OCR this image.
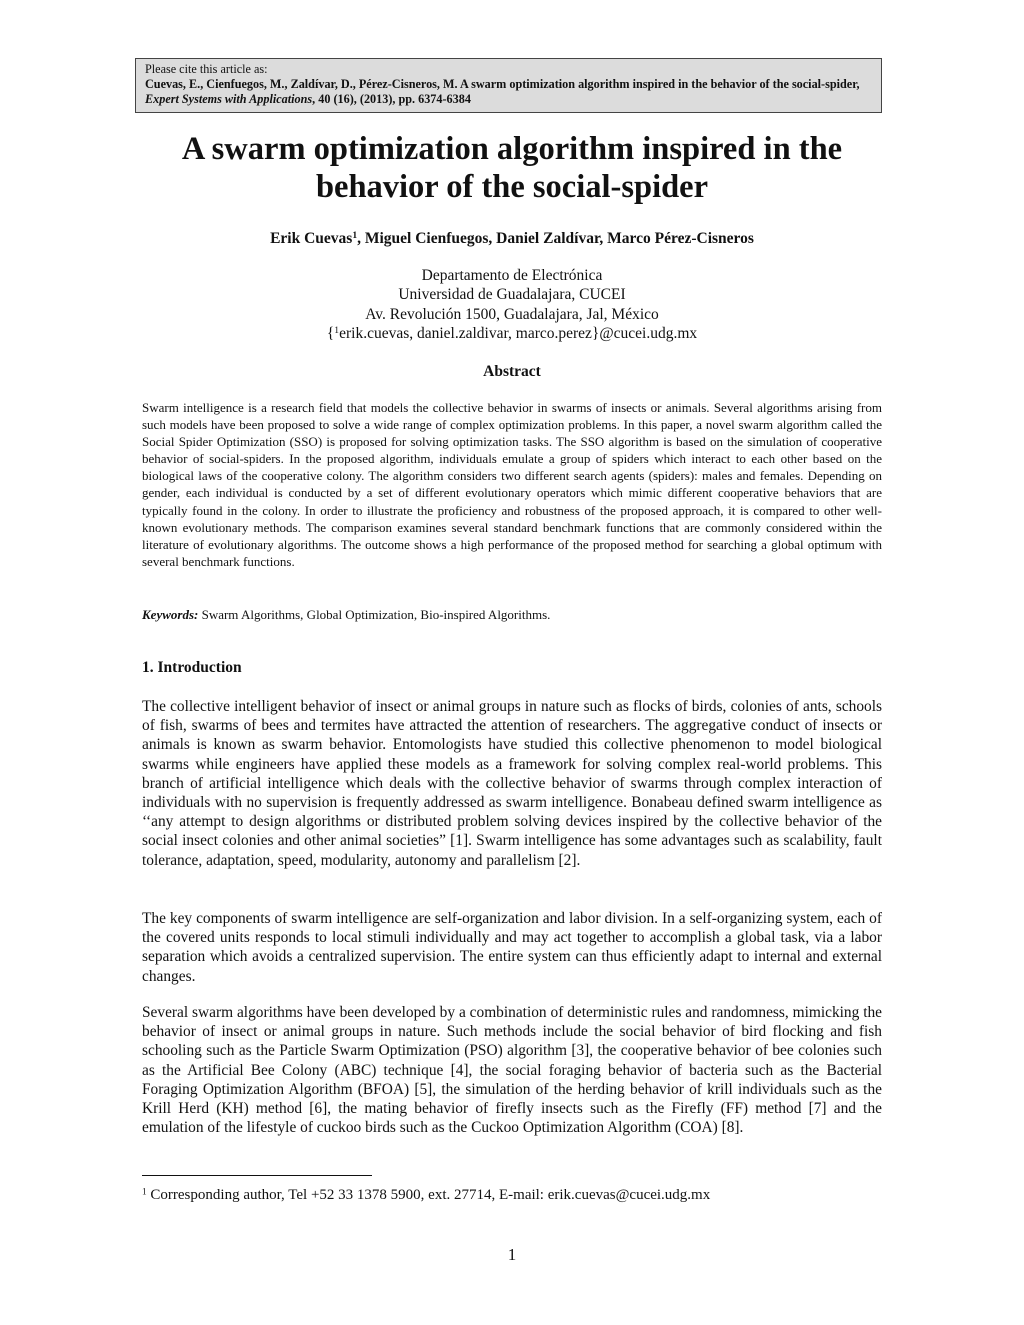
Please cite this article as:
Cuevas, E., Cienfuegos, M., Zaldívar, D., Pérez-Cisneros, M. A swarm optimization algorithm inspired in the behavior of the social-spider, Expert Systems with Applications, 40 (16), (2013), pp. 6374-6384
A swarm optimization algorithm inspired in the
behavior of the social-spider
Erik Cuevas$^1$, Miguel Cienfuegos, Daniel Zaldívar, Marco Pérez-Cisneros
Departamento de Electrónica
Universidad de Guadalajara, CUCEI
Av. Revolución 1500, Guadalajara, Jal, México
{$^1$erik.cuevas, daniel.zaldivar, marco.perez}@cucei.udg.mx
Abstract

Swarm intelligence is a research field that models the collective behavior in swarms of insects or animals. Several algorithms arising from such models have been proposed to solve a wide range of complex optimization problems. In this paper, a novel swarm algorithm called the Social Spider Optimization (SSO) is proposed for solving optimization tasks. The SSO algorithm is based on the simulation of cooperative behavior of social-spiders. In the proposed algorithm, individuals emulate a group of spiders which interact to each other based on the biological laws of the cooperative colony. The algorithm considers two different search agents (spiders): males and females. Depending on gender, each individual is conducted by a set of different evolutionary operators which mimic different cooperative behaviors that are typically found in the colony. In order to illustrate the proficiency and robustness of the proposed approach, it is compared to other well-known evolutionary methods. The comparison examines several standard benchmark functions that are commonly considered within the literature of evolutionary algorithms. The outcome shows a high performance of the proposed method for searching a global optimum with several benchmark functions.

Keywords: Swarm Algorithms, Global Optimization, Bio-inspired Algorithms.

1. Introduction

The collective intelligent behavior of insect or animal groups in nature such as flocks of birds, colonies of ants, schools of fish, swarms of bees and termites have attracted the attention of researchers. The aggregative conduct of insects or animals is known as swarm behavior. Entomologists have studied this collective phenomenon to model biological swarms while engineers have applied these models as a framework for solving complex real-world problems. This branch of artificial intelligence which deals with the collective behavior of swarms through complex interaction of individuals with no supervision is frequently addressed as swarm intelligence. Bonabeau defined swarm intelligence as ‘‘any attempt to design algorithms or distributed problem solving devices inspired by the collective behavior of the social insect colonies and other animal societies” [1]. Swarm intelligence has some advantages such as scalability, fault tolerance, adaptation, speed, modularity, autonomy and parallelism [2].

The key components of swarm intelligence are self-organization and labor division. In a self-organizing system, each of the covered units responds to local stimuli individually and may act together to accomplish a global task, via a labor separation which avoids a centralized supervision. The entire system can thus efficiently adapt to internal and external changes.

Several swarm algorithms have been developed by a combination of deterministic rules and randomness, mimicking the behavior of insect or animal groups in nature. Such methods include the social behavior of bird flocking and fish schooling such as the Particle Swarm Optimization (PSO) algorithm [3], the cooperative behavior of bee colonies such as the Artificial Bee Colony (ABC) technique [4], the social foraging behavior of bacteria such as the Bacterial Foraging Optimization Algorithm (BFOA) [5], the simulation of the herding behavior of krill individuals such as the Krill Herd (KH) method [6], the mating behavior of firefly insects such as the Firefly (FF) method [7] and the emulation of the lifestyle of cuckoo birds such as the Cuckoo Optimization Algorithm (COA) [8].

$^1$ Corresponding author, Tel +52 33 1378 5900, ext. 27714, E-mail: erik.cuevas@cucei.udg.mx

1
